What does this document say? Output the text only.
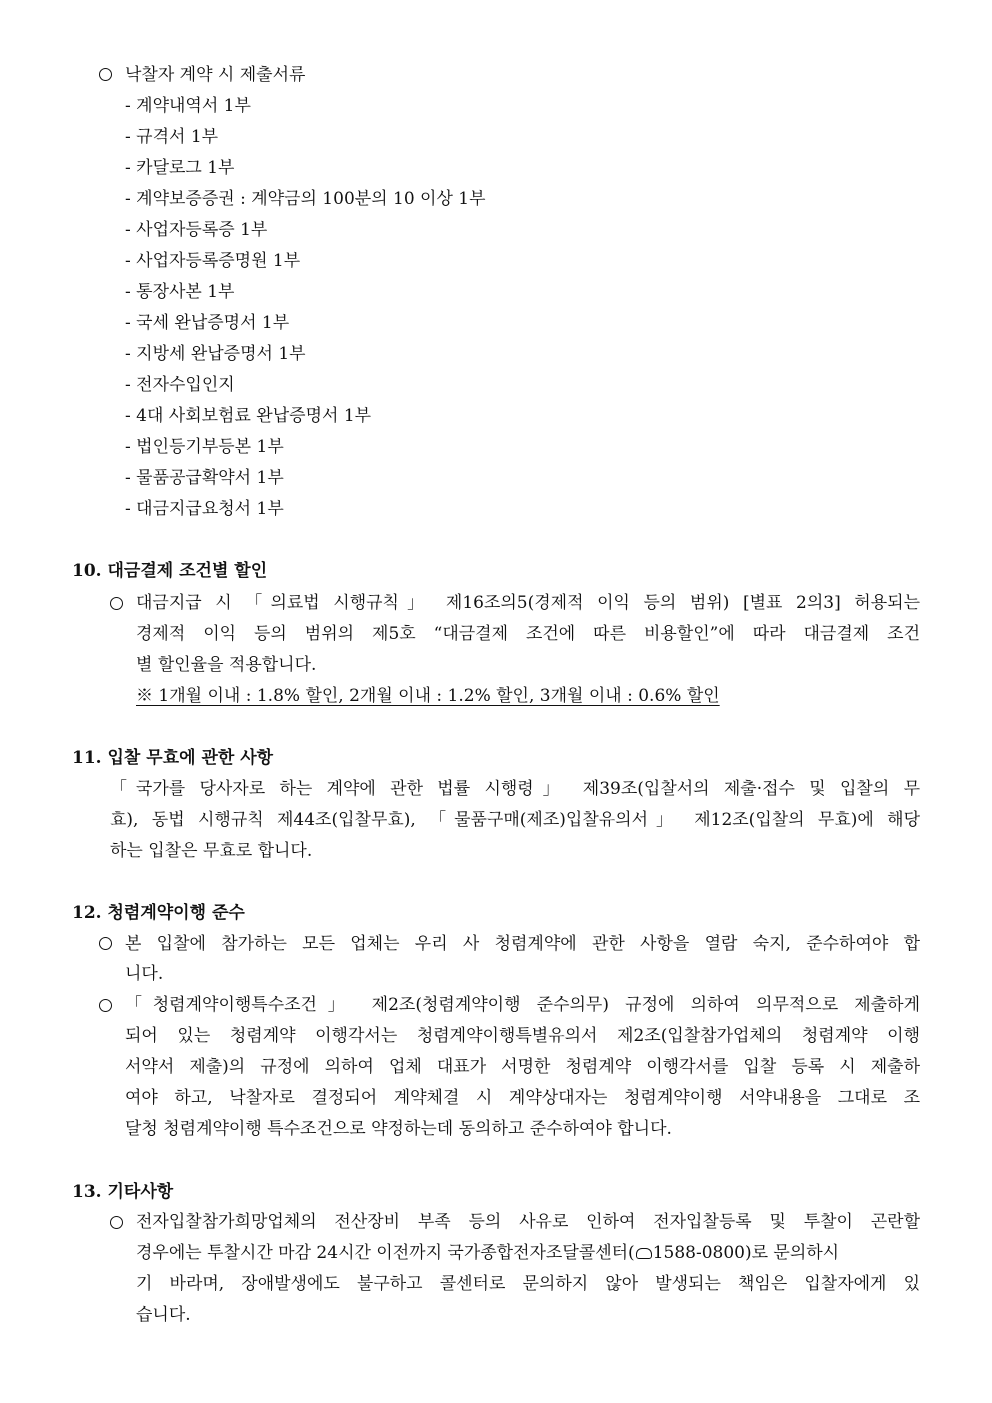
낙찰자 계약 시 제출서류
- 계약내역서 1부
- 규격서 1부
- 카달로그 1부
- 계약보증증권 : 계약금의 100분의 10 이상 1부
- 사업자등록증 1부
- 사업자등록증명원 1부
- 통장사본 1부
- 국세 완납증명서 1부
- 지방세 완납증명서 1부
- 전자수입인지
- 4대 사회보험료 완납증명서 1부
- 법인등기부등본 1부
- 물품공급확약서 1부
- 대금지급요청서 1부
10. 대금결제 조건별 할인
대금지급 시 「의료법 시행규칙」 제16조의5(경제적 이익 등의 범위) [별표 2의3] 허용되는
경제적 이익 등의 범위의 제5호 “대금결제 조건에 따른 비용할인”에 따라 대금결제 조건
별 할인율을 적용합니다.
※ 1개월 이내 : 1.8% 할인, 2개월 이내 : 1.2% 할인, 3개월 이내 : 0.6% 할인
11. 입찰 무효에 관한 사항
「국가를 당사자로 하는 계약에 관한 법률 시행령」 제39조(입찰서의 제출·접수 및 입찰의 무
효), 동법 시행규칙 제44조(입찰무효), 「물품구매(제조)입찰유의서」 제12조(입찰의 무효)에 해당
하는 입찰은 무효로 합니다.
12. 청렴계약이행 준수
본 입찰에 참가하는 모든 업체는 우리 사 청렴계약에 관한 사항을 열람 숙지, 준수하여야 합
니다.
「청렴계약이행특수조건」 제2조(청렴계약이행 준수의무) 규정에 의하여 의무적으로 제출하게
되어 있는 청렴계약 이행각서는 청렴계약이행특별유의서 제2조(입찰참가업체의 청렴계약 이행
서약서 제출)의 규정에 의하여 업체 대표가 서명한 청렴계약 이행각서를 입찰 등록 시 제출하
여야 하고, 낙찰자로 결정되어 계약체결 시 계약상대자는 청렴계약이행 서약내용을 그대로 조
달청 청렴계약이행 특수조건으로 약정하는데 동의하고 준수하여야 합니다.
13. 기타사항
전자입찰참가희망업체의 전산장비 부족 등의 사유로 인하여 전자입찰등록 및 투찰이 곤란할
경우에는 투찰시간 마감 24시간 이전까지 국가종합전자조달콜센터( 1588-0800)로 문의하시
기 바라며, 장애발생에도 불구하고 콜센터로 문의하지 않아 발생되는 책임은 입찰자에게 있
습니다.
